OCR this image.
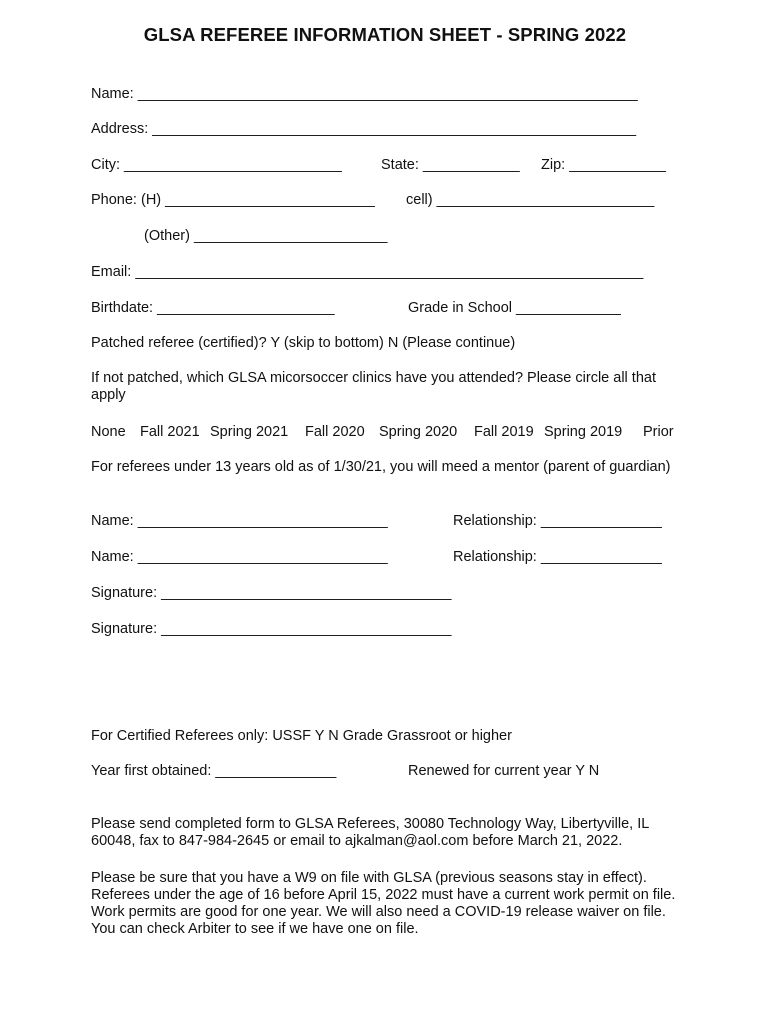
GLSA REFEREE INFORMATION SHEET - SPRING 2022
Name: ______________________________________________________________
Address: ____________________________________________________________
City: ___________________________	State: ____________ Zip: ____________
Phone: (H) __________________________ cell) ___________________________
(Other) ________________________
Email: _______________________________________________________________
Birthdate: ______________________	Grade in School _____________
Patched referee (certified)? Y (skip to bottom) N (Please continue)
If not patched, which GLSA micorsoccer clinics have you attended? Please circle all that apply
None Fall 2021 Spring 2021 Fall 2020 Spring 2020 Fall 2019 Spring 2019 Prior
For referees under 13 years old as of 1/30/21, you will meed a mentor (parent of guardian)
Name: _______________________________	Relationship: _______________
Name: _______________________________	Relationship: _______________
Signature: ____________________________________
Signature: ____________________________________
For Certified Referees only: USSF Y N Grade Grassroot or higher
Year first obtained: _______________	Renewed for current year Y N
Please send completed form to GLSA Referees, 30080 Technology Way, Libertyville, IL 60048, fax to 847-984-2645 or email to ajkalman@aol.com before March 21, 2022.
Please be sure that you have a W9 on file with GLSA (previous seasons stay in effect). Referees under the age of 16 before April 15, 2022 must have a current work permit on file. Work permits are good for one year. We will also need a COVID-19 release waiver on file. You can check Arbiter to see if we have one on file.
